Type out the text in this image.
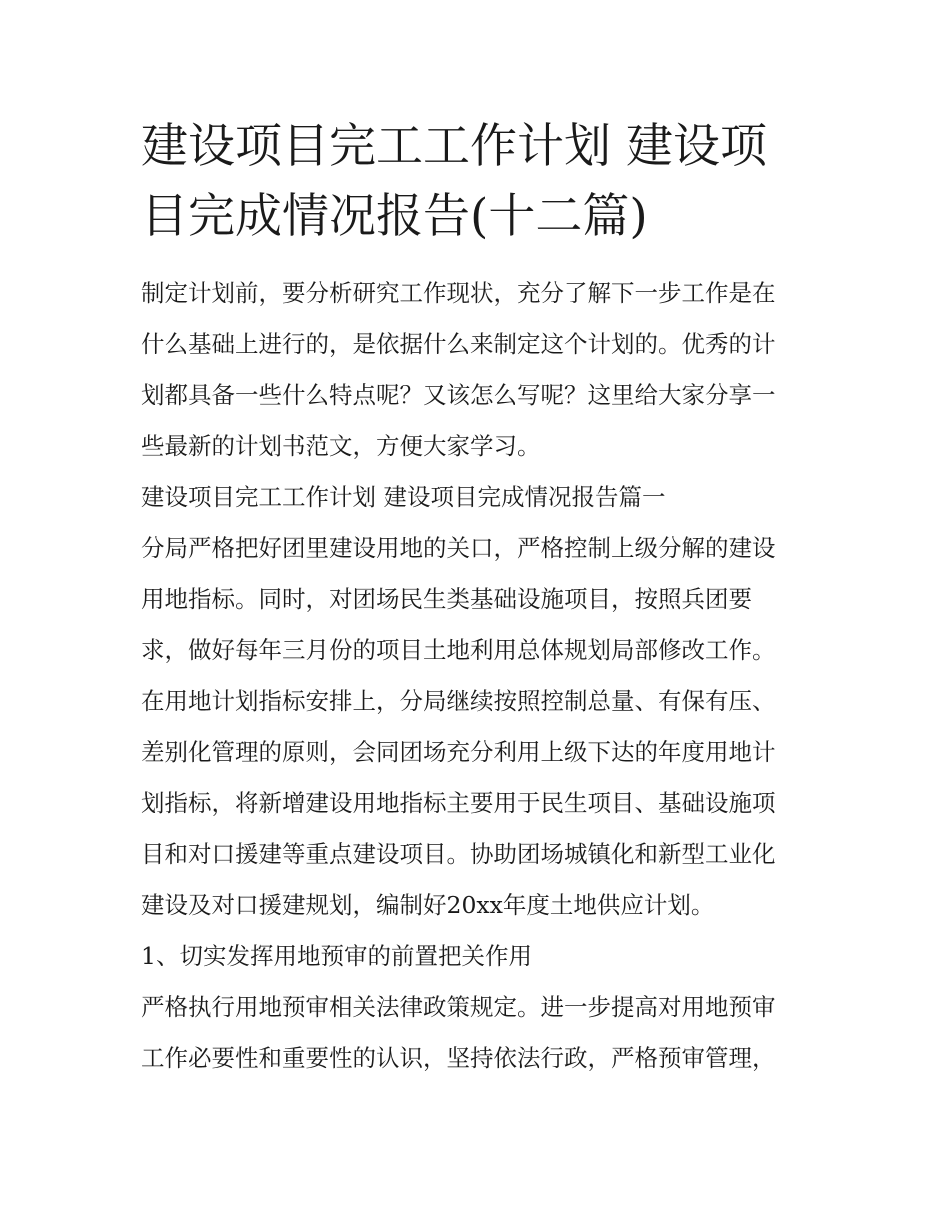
建设项目完工工作计划 建设项
目完成情况报告(十二篇)
制定计划前，要分析研究工作现状，充分了解下一步工作是在
什么基础上进行的，是依据什么来制定这个计划的。优秀的计
划都具备一些什么特点呢？又该怎么写呢？这里给大家分享一
些最新的计划书范文，方便大家学习。
建设项目完工工作计划 建设项目完成情况报告篇一
分局严格把好团里建设用地的关口，严格控制上级分解的建设
用地指标。同时，对团场民生类基础设施项目，按照兵团要
求，做好每年三月份的项目土地利用总体规划局部修改工作。
在用地计划指标安排上，分局继续按照控制总量、有保有压、
差别化管理的原则，会同团场充分利用上级下达的年度用地计
划指标，将新增建设用地指标主要用于民生项目、基础设施项
目和对口援建等重点建设项目。协助团场城镇化和新型工业化
建设及对口援建规划，编制好20xx年度土地供应计划。
1、切实发挥用地预审的前置把关作用
严格执行用地预审相关法律政策规定。进一步提高对用地预审
工作必要性和重要性的认识，坚持依法行政，严格预审管理，
